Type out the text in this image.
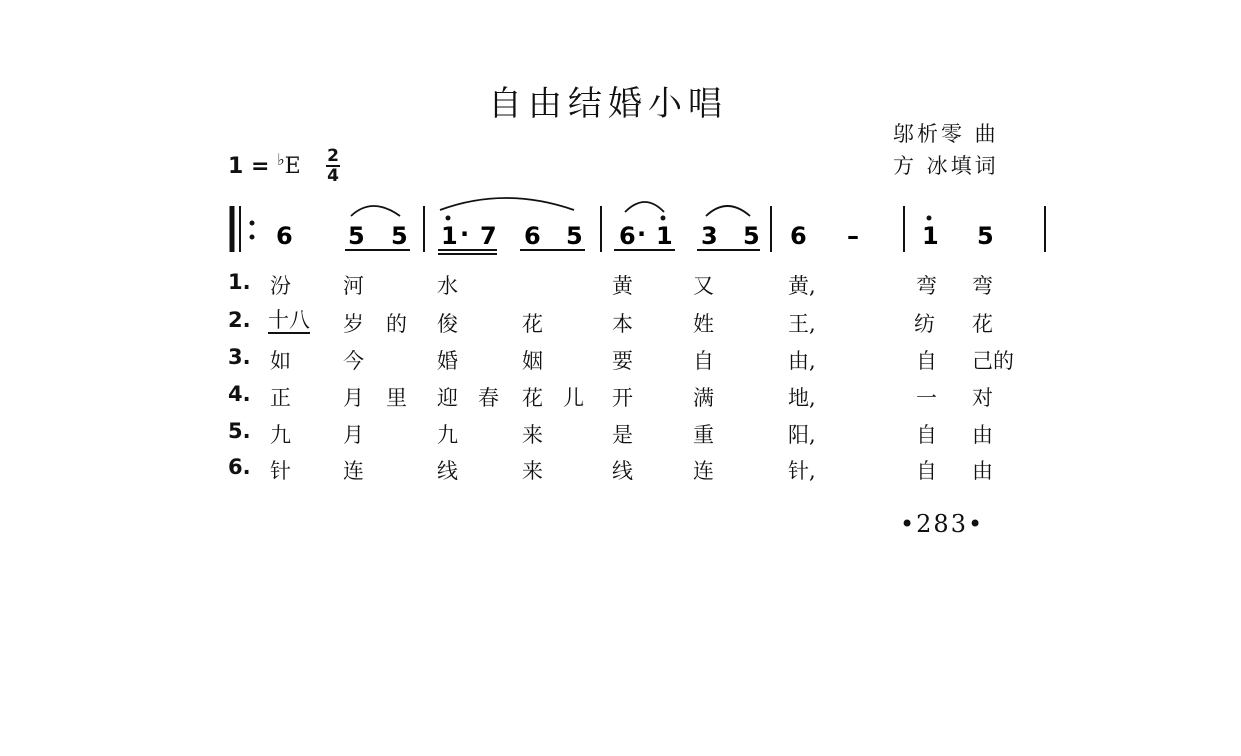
自由结婚小唱
邬析零 曲
方 冰填词
1 = ♭E 2
4
6 5 5 1 · 7 6 5 6 · 1 3 5 6 –	1 5
1. 汾 河	水	黄	又	黄,	弯 弯
2. 十八 岁 的 俊	花	本	姓	王,	纺 花
3. 如 今	婚	姻	要	自	由,	自 己的
4. 正 月 里 迎 春 花 儿 开	满	地,	一 对
5. 九 月	九	来	是	重	阳,	自 由
6. 针 连	线	来	线	连	针,	自 由
•283•
